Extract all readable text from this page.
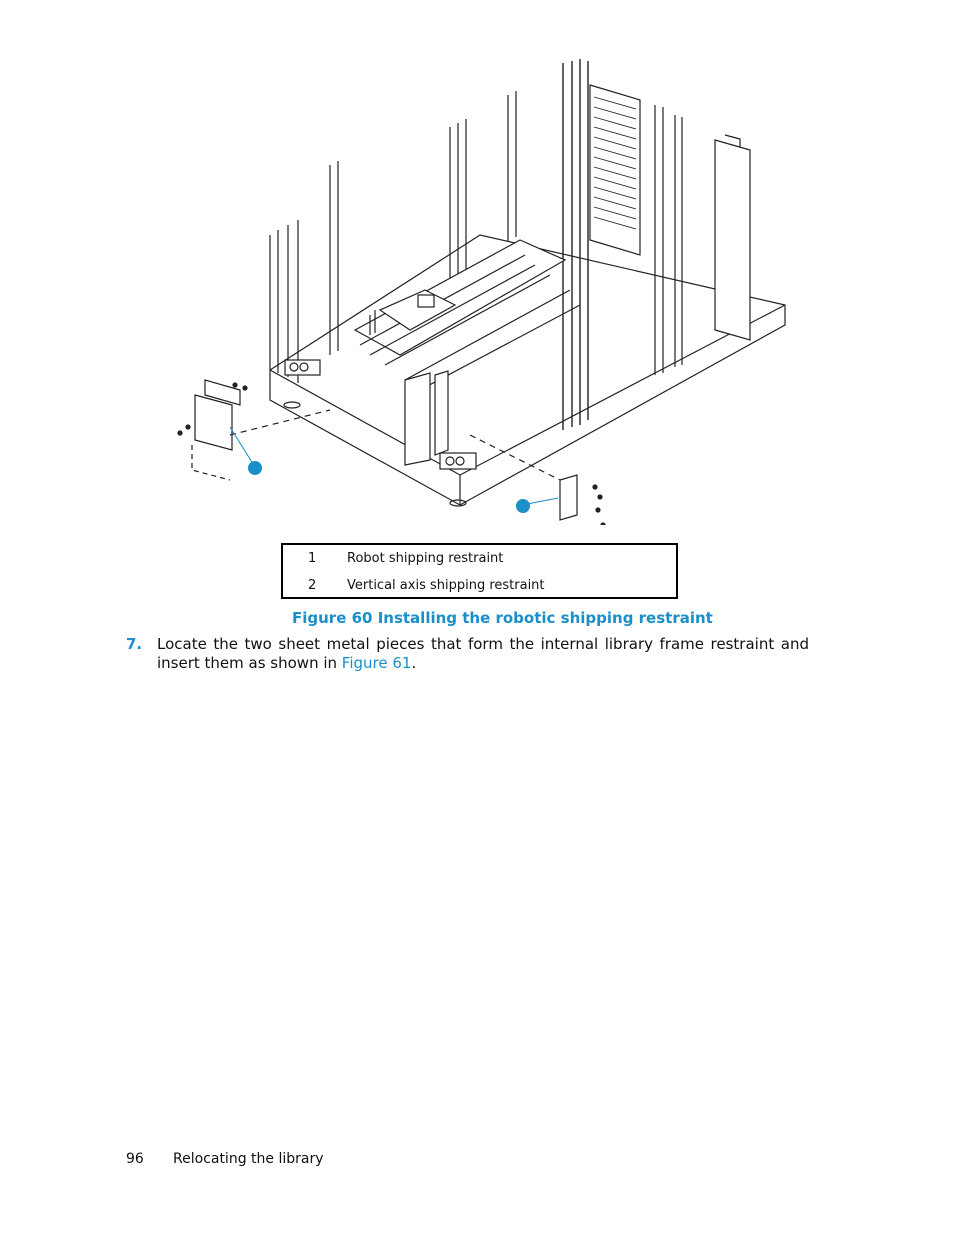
1 Robot shipping restraint
2 Vertical axis shipping restraint
Figure 60 Installing the robotic shipping restraint
7. Locate the two sheet metal pieces that form the internal library frame restraint and insert them as shown in Figure 61.
96 Relocating the library
